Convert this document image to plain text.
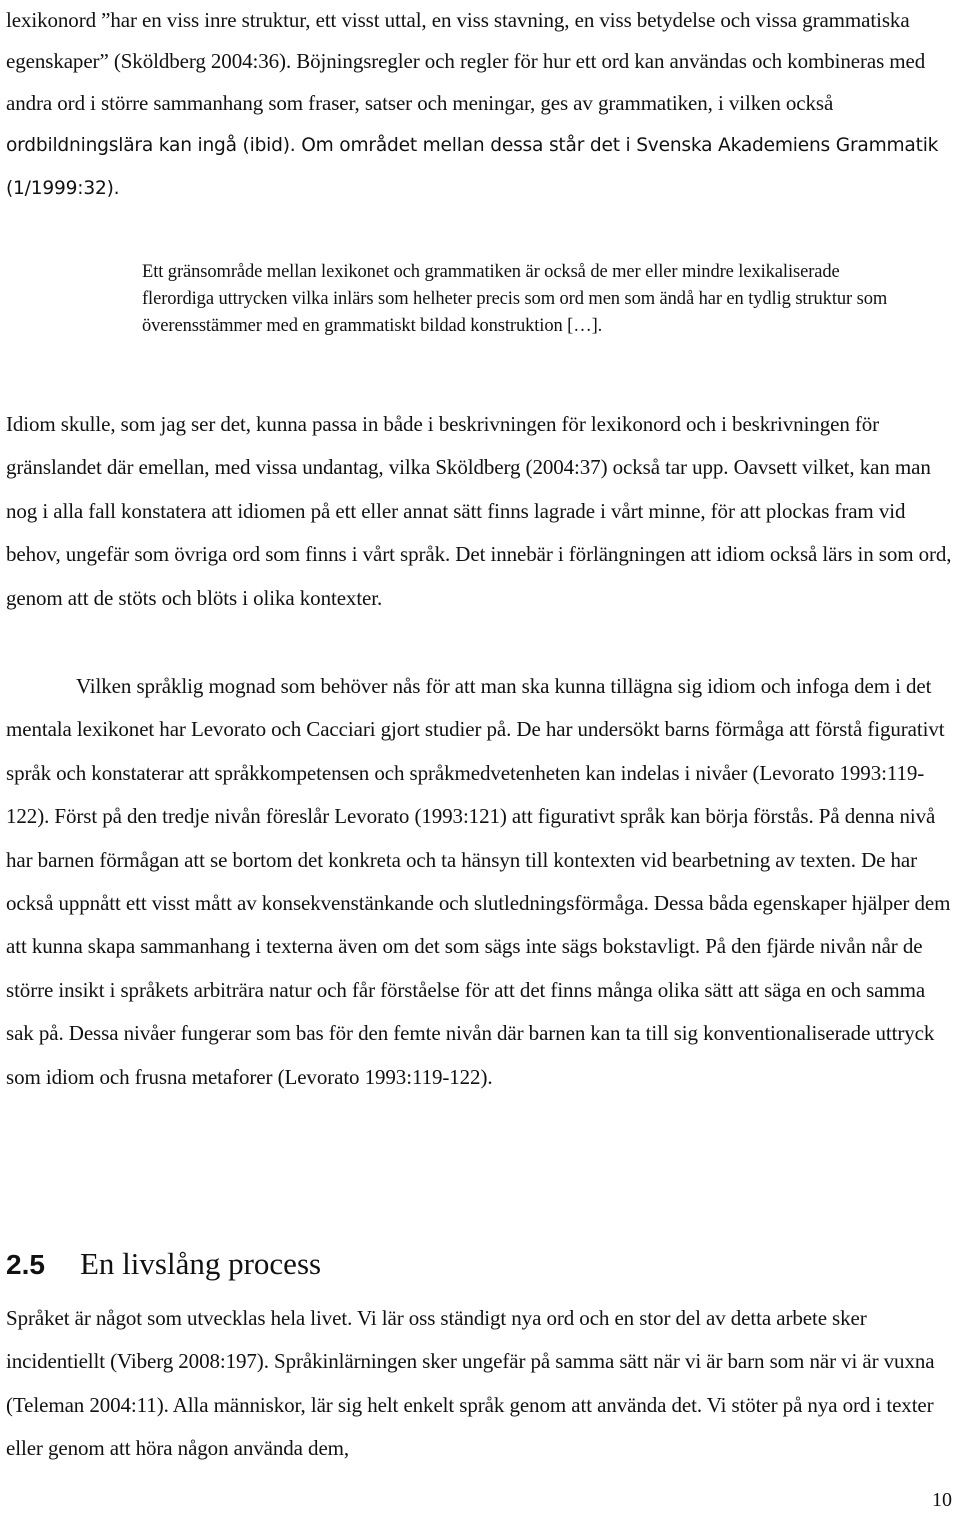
lexikonord ”har en viss inre struktur, ett visst uttal, en viss stavning, en viss betydelse och vissa grammatiska egenskaper” (Sköldberg 2004:36). Böjningsregler och regler för hur ett ord kan användas och kombineras med andra ord i större sammanhang som fraser, satser och meningar, ges av grammatiken, i vilken också ordbildningslära kan ingå (ibid). Om området mellan dessa står det i Svenska Akademiens Grammatik (1/1999:32).

Ett gränsområde mellan lexikonet och grammatiken är också de mer eller mindre lexikaliserade flerordiga uttrycken vilka inlärs som helheter precis som ord men som ändå har en tydlig struktur som överensstämmer med en grammatiskt bildad konstruktion […].

Idiom skulle, som jag ser det, kunna passa in både i beskrivningen för lexikonord och i beskrivningen för gränslandet där emellan, med vissa undantag, vilka Sköldberg (2004:37) också tar upp. Oavsett vilket, kan man nog i alla fall konstatera att idiomen på ett eller annat sätt finns lagrade i vårt minne, för att plockas fram vid behov, ungefär som övriga ord som finns i vårt språk. Det innebär i förlängningen att idiom också lärs in som ord, genom att de stöts och blöts i olika kontexter.

Vilken språklig mognad som behöver nås för att man ska kunna tillägna sig idiom och infoga dem i det mentala lexikonet har Levorato och Cacciari gjort studier på. De har undersökt barns förmåga att förstå figurativt språk och konstaterar att språkkompetensen och språkmedvetenheten kan indelas i nivåer (Levorato 1993:119-122). Först på den tredje nivån föreslår Levorato (1993:121) att figurativt språk kan börja förstås. På denna nivå har barnen förmågan att se bortom det konkreta och ta hänsyn till kontexten vid bearbetning av texten. De har också uppnått ett visst mått av konsekvenstänkande och slutledningsförmåga. Dessa båda egenskaper hjälper dem att kunna skapa sammanhang i texterna även om det som sägs inte sägs bokstavligt. På den fjärde nivån når de större insikt i språkets arbiträra natur och får förståelse för att det finns många olika sätt att säga en och samma sak på. Dessa nivåer fungerar som bas för den femte nivån där barnen kan ta till sig konventionaliserade uttryck som idiom och frusna metaforer (Levorato 1993:119-122).

2.5 En livslång process

Språket är något som utvecklas hela livet. Vi lär oss ständigt nya ord och en stor del av detta arbete sker incidentiellt (Viberg 2008:197). Språkinlärningen sker ungefär på samma sätt när vi är barn som när vi är vuxna (Teleman 2004:11). Alla människor, lär sig helt enkelt språk genom att använda det. Vi stöter på nya ord i texter eller genom att höra någon använda dem,

10
